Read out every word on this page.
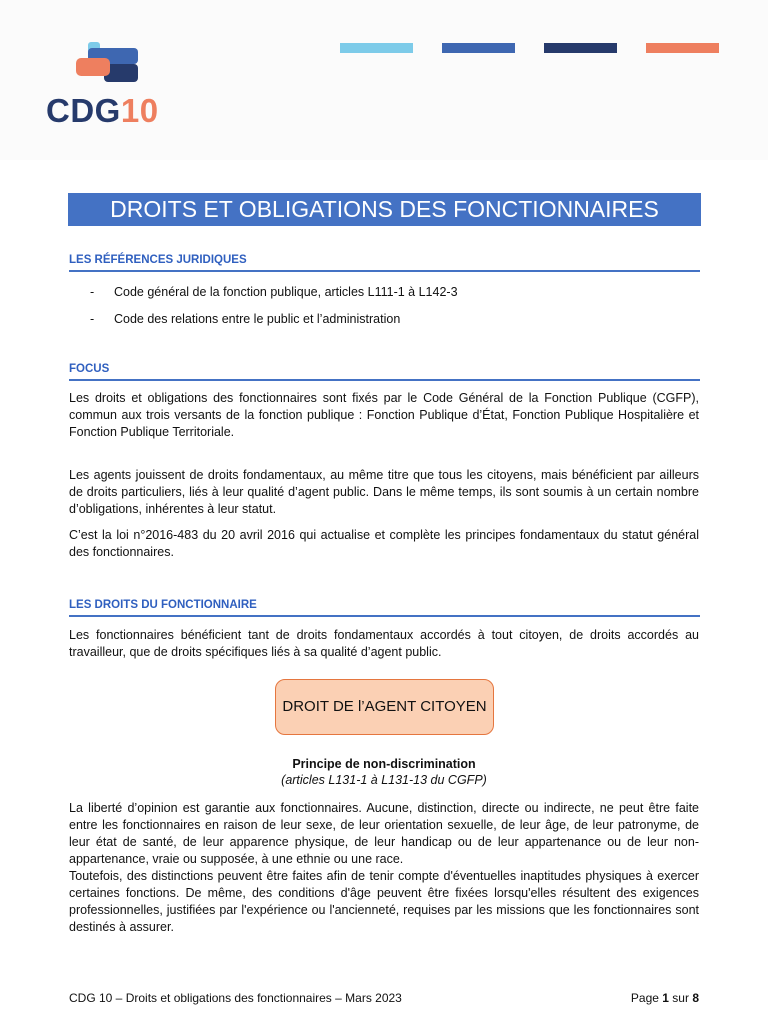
CDG10
DROITS ET OBLIGATIONS DES FONCTIONNAIRES
LES RÉFÉRENCES JURIDIQUES
-	Code général de la fonction publique, articles L111-1 à L142-3
-	Code des relations entre le public et l’administration
FOCUS

Les droits et obligations des fonctionnaires sont fixés par le Code Général de la Fonction Publique (CGFP), commun aux trois versants de la fonction publique : Fonction Publique d’État, Fonction Publique Hospitalière et Fonction Publique Territoriale.

Les agents jouissent de droits fondamentaux, au même titre que tous les citoyens, mais bénéficient par ailleurs de droits particuliers, liés à leur qualité d’agent public. Dans le même temps, ils sont soumis à un certain nombre d’obligations, inhérentes à leur statut.

C’est la loi n°2016-483 du 20 avril 2016 qui actualise et complète les principes fondamentaux du statut général des fonctionnaires.

LES DROITS DU FONCTIONNAIRE

Les fonctionnaires bénéficient tant de droits fondamentaux accordés à tout citoyen, de droits accordés au travailleur, que de droits spécifiques liés à sa qualité d’agent public.

DROIT DE l’AGENT CITOYEN
Principe de non-discrimination
(articles L131-1 à L131-13 du CGFP)

La liberté d’opinion est garantie aux fonctionnaires. Aucune, distinction, directe ou indirecte, ne peut être faite entre les fonctionnaires en raison de leur sexe, de leur orientation sexuelle, de leur âge, de leur patronyme, de leur état de santé, de leur apparence physique, de leur handicap ou de leur appartenance ou de leur non-appartenance, vraie ou supposée, à une ethnie ou une race.

Toutefois, des distinctions peuvent être faites afin de tenir compte d'éventuelles inaptitudes physiques à exercer certaines fonctions. De même, des conditions d'âge peuvent être fixées lorsqu'elles résultent des exigences professionnelles, justifiées par l'expérience ou l'ancienneté, requises par les missions que les fonctionnaires sont destinés à assurer.

CDG 10 – Droits et obligations des fonctionnaires – Mars 2023	Page 1 sur 8
